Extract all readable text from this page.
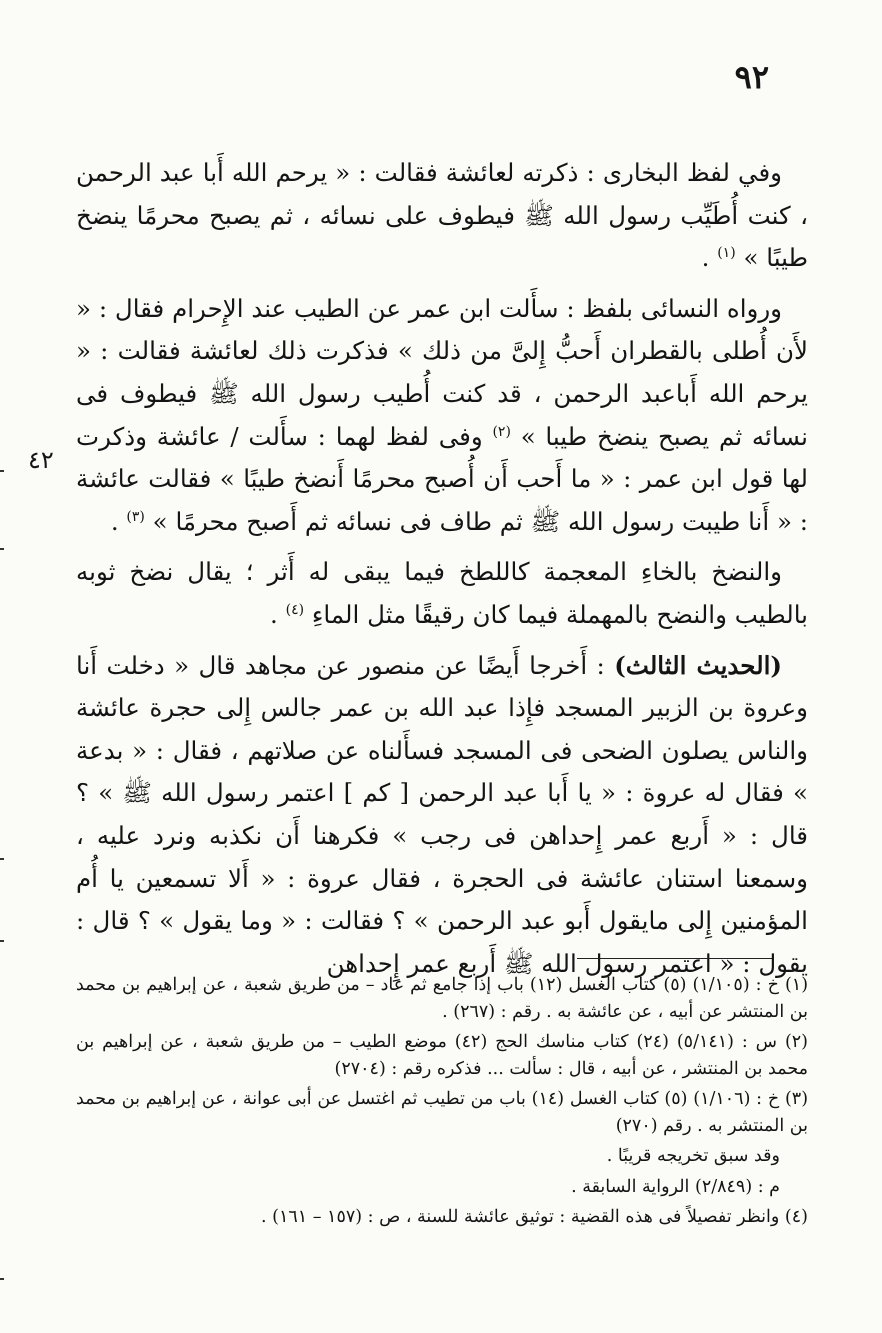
٩٢
٤٢

وفي لفظ البخارى : ذكرته لعائشة فقالت : « يرحم الله أَبا عبد الرحمن ، كنت أُطَيِّب رسول الله ﷺ فيطوف على نسائه ، ثم يصبح محرمًا ينضخ طيبًا » $^{(١)}$ .

ورواه النسائى بلفظ : سأَلت ابن عمر عن الطيب عند الإِحرام فقال : « لأَن أُطلى بالقطران أَحبُّ إِلىَّ من ذلك » فذكرت ذلك لعائشة فقالت : « يرحم الله أَباعبد الرحمن ، قد كنت أُطيب رسول الله ﷺ فيطوف فى نسائه ثم يصبح ينضخ طيبا » $^{(٢)}$ وفى لفظ لهما : سأَلت / عائشة وذكرت لها قول ابن عمر : « ما أَحب أَن أُصبح محرمًا أَنضخ طيبًا » فقالت عائشة : « أَنا طيبت رسول الله ﷺ ثم طاف فى نسائه ثم أَصبح محرمًا » $^{(٣)}$ .

والنضخ بالخاءِ المعجمة كاللطخ فيما يبقى له أَثر ؛ يقال نضخ ثوبه بالطيب والنضح بالمهملة فيما كان رقيقًا مثل الماءِ $^{(٤)}$ .

(الحديث الثالث) : أَخرجا أَيضًا عن منصور عن مجاهد قال « دخلت أَنا وعروة بن الزبير المسجد فإِذا عبد الله بن عمر جالس إِلى حجرة عائشة والناس يصلون الضحى فى المسجد فسأَلناه عن صلاتهم ، فقال : « بدعة » فقال له عروة : « يا أَبا عبد الرحمن [ كم ] اعتمر رسول الله ﷺ » ؟ قال : « أَربع عمر إِحداهن فى رجب » فكرهنا أَن نكذبه ونرد عليه ، وسمعنا استنان عائشة فى الحجرة ، فقال عروة : « أَلا تسمعين يا أُم المؤمنين إِلى مايقول أَبو عبد الرحمن » ؟ فقالت : « وما يقول » ؟ قال : يقول : « اعتمر رسول الله ﷺ أَربع عمر إِحداهن

(١) خ : (١/١٠٥) (٥) كتاب الغسل (١٢) باب إذا جامع ثم عاد – من طريق شعبة ، عن إبراهيم بن محمد بن المنتشر عن أبيه ، عن عائشة به . رقم : (٢٦٧) .

(٢) س : (٥/١٤١) (٢٤) كتاب مناسك الحج (٤٢) موضع الطيب – من طريق شعبة ، عن إبراهيم بن محمد بن المنتشر ، عن أبيه ، قال : سألت ... فذكره رقم : (٢٧٠٤)

(٣) خ : (١/١٠٦) (٥) كتاب الغسل (١٤) باب من تطيب ثم اغتسل عن أبى عوانة ، عن إبراهيم بن محمد بن المنتشر به . رقم (٢٧٠)

وقد سبق تخريجه قريبًا .

م : (٢/٨٤٩) الرواية السابقة .

(٤) وانظر تفصيلاً فى هذه القضية : توثيق عائشة للسنة ، ص : (١٥٧ – ١٦١) .
